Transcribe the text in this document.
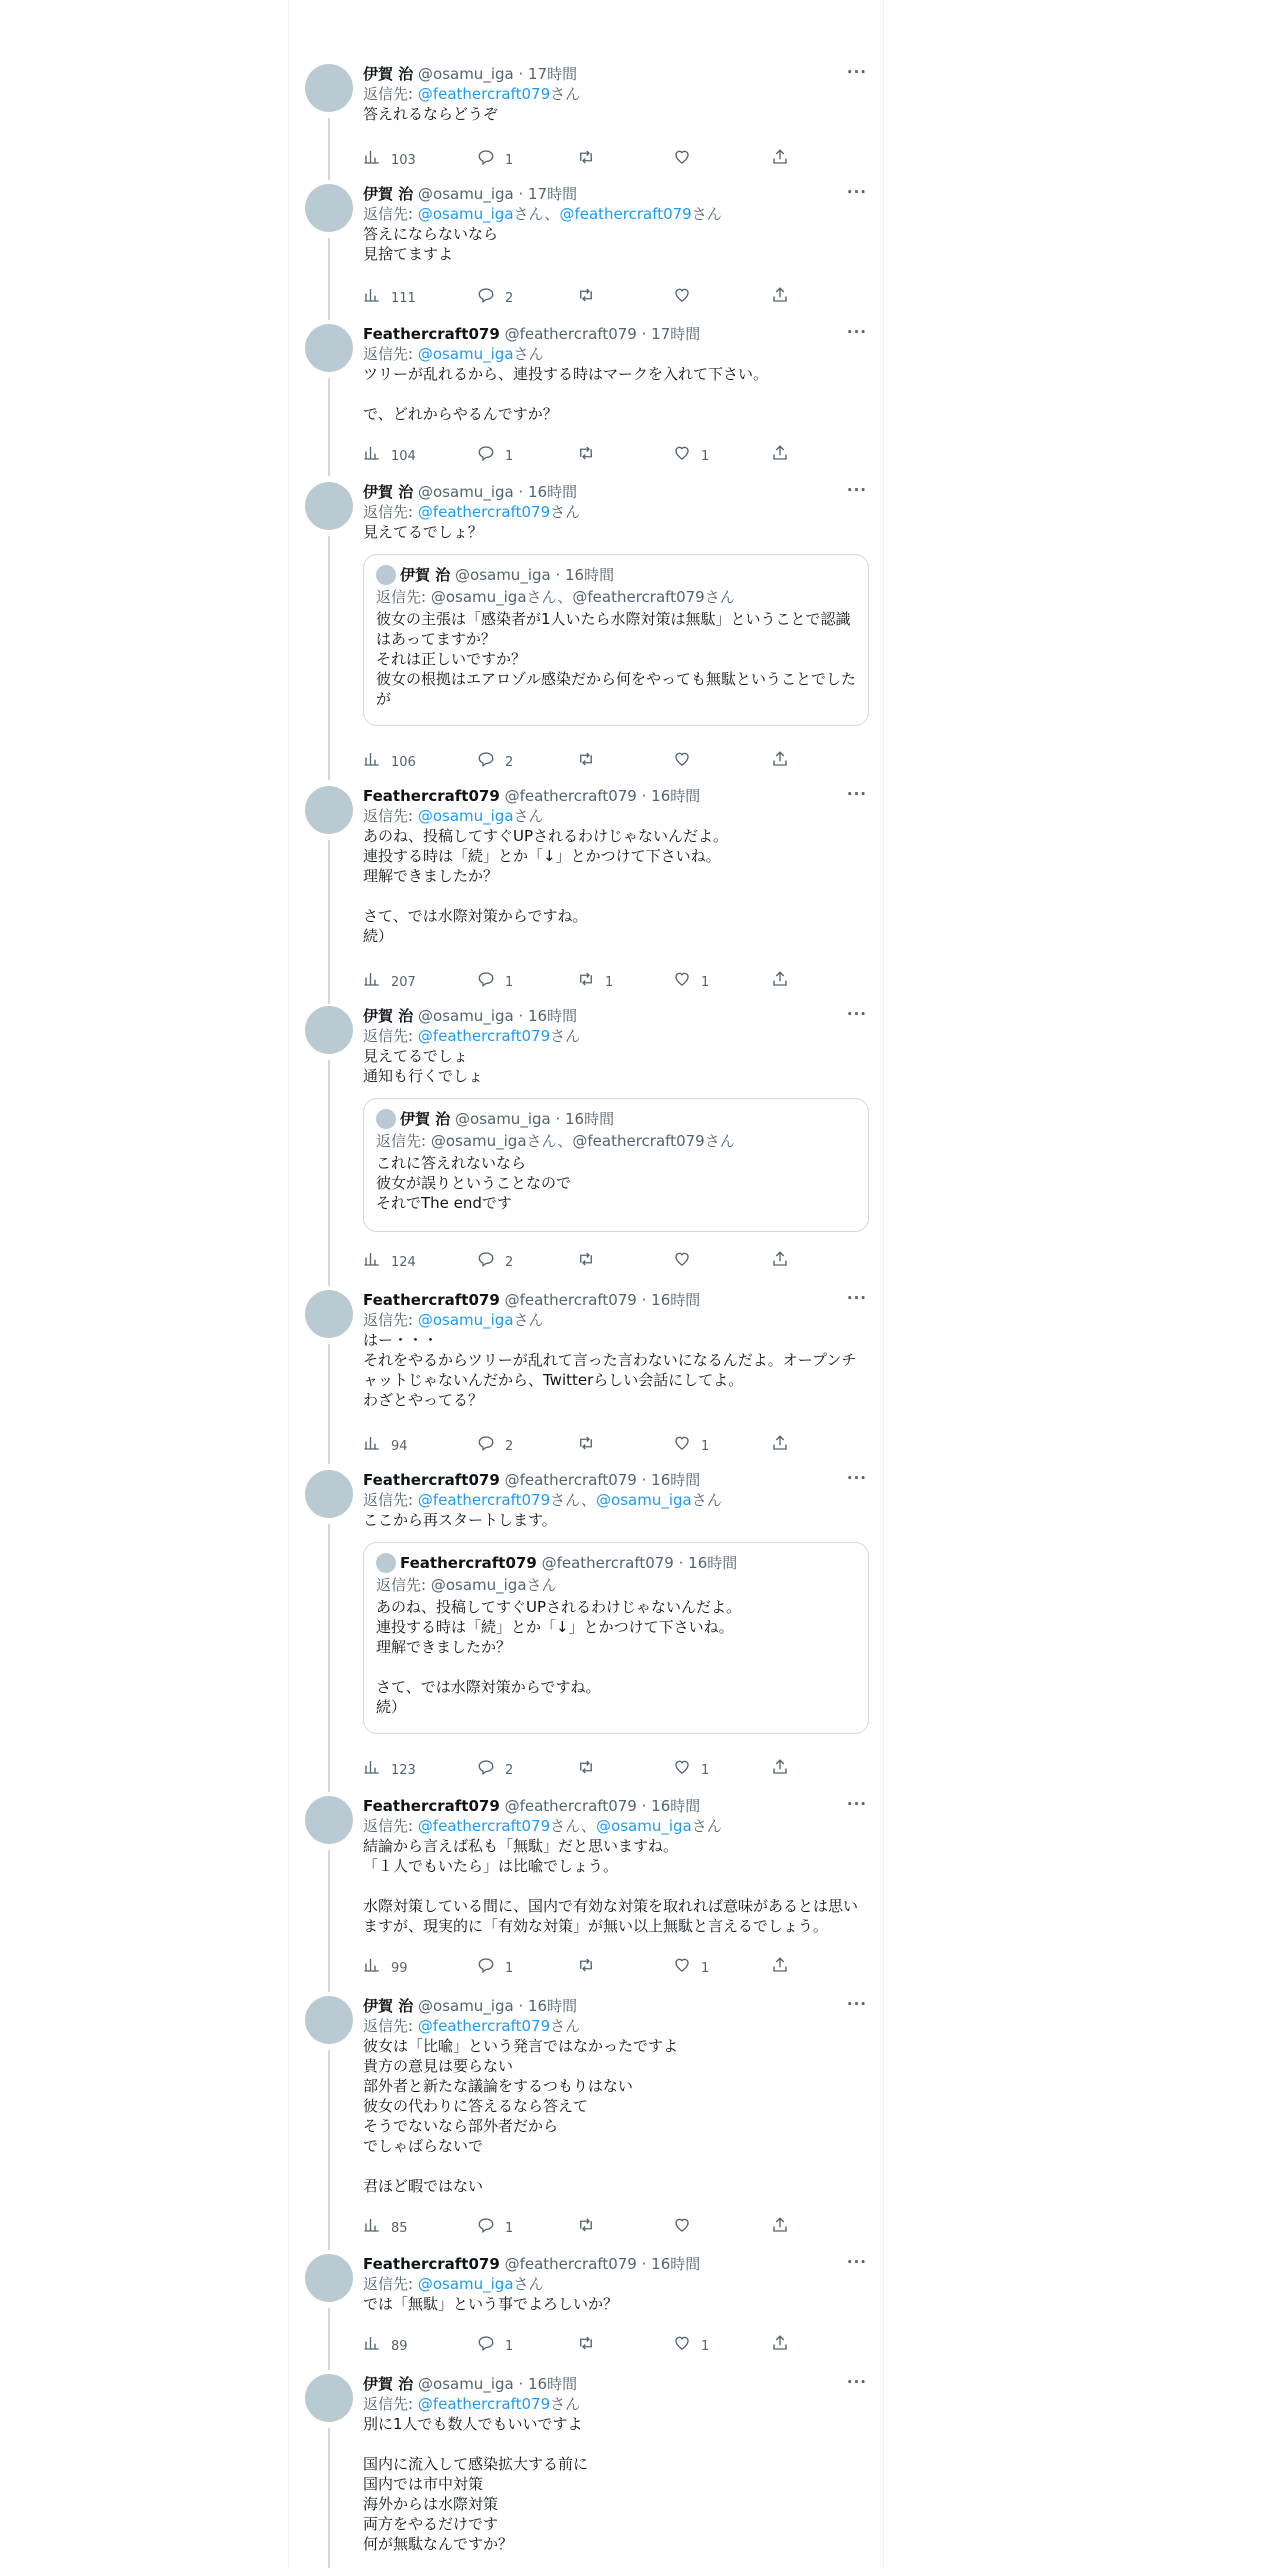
伊賀 治 @osamu_iga · 17時間	···
返信先: @feathercraft079さん
答えれるならどうぞ
103	1
伊賀 治 @osamu_iga · 17時間	···
返信先: @osamu_igaさん、@feathercraft079さん
答えにならないなら
見捨てますよ
111	2
Feathercraft079 @feathercraft079 · 17時間	···
返信先: @osamu_igaさん
ツリーが乱れるから、連投する時はマークを入れて下さい。

で、どれからやるんですか？
104	1	1
伊賀 治 @osamu_iga · 16時間	···
返信先: @feathercraft079さん
見えてるでしょ？
伊賀 治 @osamu_iga · 16時間
返信先: @osamu_igaさん、@feathercraft079さん
彼女の主張は「感染者が1人いたら水際対策は無駄」ということで認識はあってますか？
それは正しいですか？
彼女の根拠はエアロゾル感染だから何をやっても無駄ということでしたが
106	2
Feathercraft079 @feathercraft079 · 16時間	···
返信先: @osamu_igaさん
あのね、投稿してすぐUPされるわけじゃないんだよ。
連投する時は「続」とか「↓」とかつけて下さいね。
理解できましたか？

さて、では水際対策からですね。
続）
207	1	1	1
伊賀 治 @osamu_iga · 16時間	···
返信先: @feathercraft079さん
見えてるでしょ
通知も行くでしょ
伊賀 治 @osamu_iga · 16時間
返信先: @osamu_igaさん、@feathercraft079さん
これに答えれないなら
彼女が誤りということなので
それでThe endです
124	2
Feathercraft079 @feathercraft079 · 16時間	···
返信先: @osamu_igaさん
はー・・・
それをやるからツリーが乱れて言った言わないになるんだよ。オープンチャットじゃないんだから、Twitterらしい会話にしてよ。
わざとやってる？
94	2	1
Feathercraft079 @feathercraft079 · 16時間	···
返信先: @feathercraft079さん、@osamu_igaさん
ここから再スタートします。
Feathercraft079 @feathercraft079 · 16時間
返信先: @osamu_igaさん
あのね、投稿してすぐUPされるわけじゃないんだよ。
連投する時は「続」とか「↓」とかつけて下さいね。
理解できましたか？

さて、では水際対策からですね。
続）
123	2	1
Feathercraft079 @feathercraft079 · 16時間	···
返信先: @feathercraft079さん、@osamu_igaさん
結論から言えば私も「無駄」だと思いますね。
「１人でもいたら」は比喩でしょう。

水際対策している間に、国内で有効な対策を取れれば意味があるとは思いますが、現実的に「有効な対策」が無い以上無駄と言えるでしょう。
99	1	1
伊賀 治 @osamu_iga · 16時間	···
返信先: @feathercraft079さん
彼女は「比喩」という発言ではなかったですよ
貴方の意見は要らない
部外者と新たな議論をするつもりはない
彼女の代わりに答えるなら答えて
そうでないなら部外者だから
でしゃばらないで

君ほど暇ではない
85	1
Feathercraft079 @feathercraft079 · 16時間	···
返信先: @osamu_igaさん
では「無駄」という事でよろしいか？
89	1	1
伊賀 治 @osamu_iga · 16時間	···
返信先: @feathercraft079さん
別に1人でも数人でもいいですよ

国内に流入して感染拡大する前に
国内では市中対策
海外からは水際対策
両方をやるだけです
何が無駄なんですか？
